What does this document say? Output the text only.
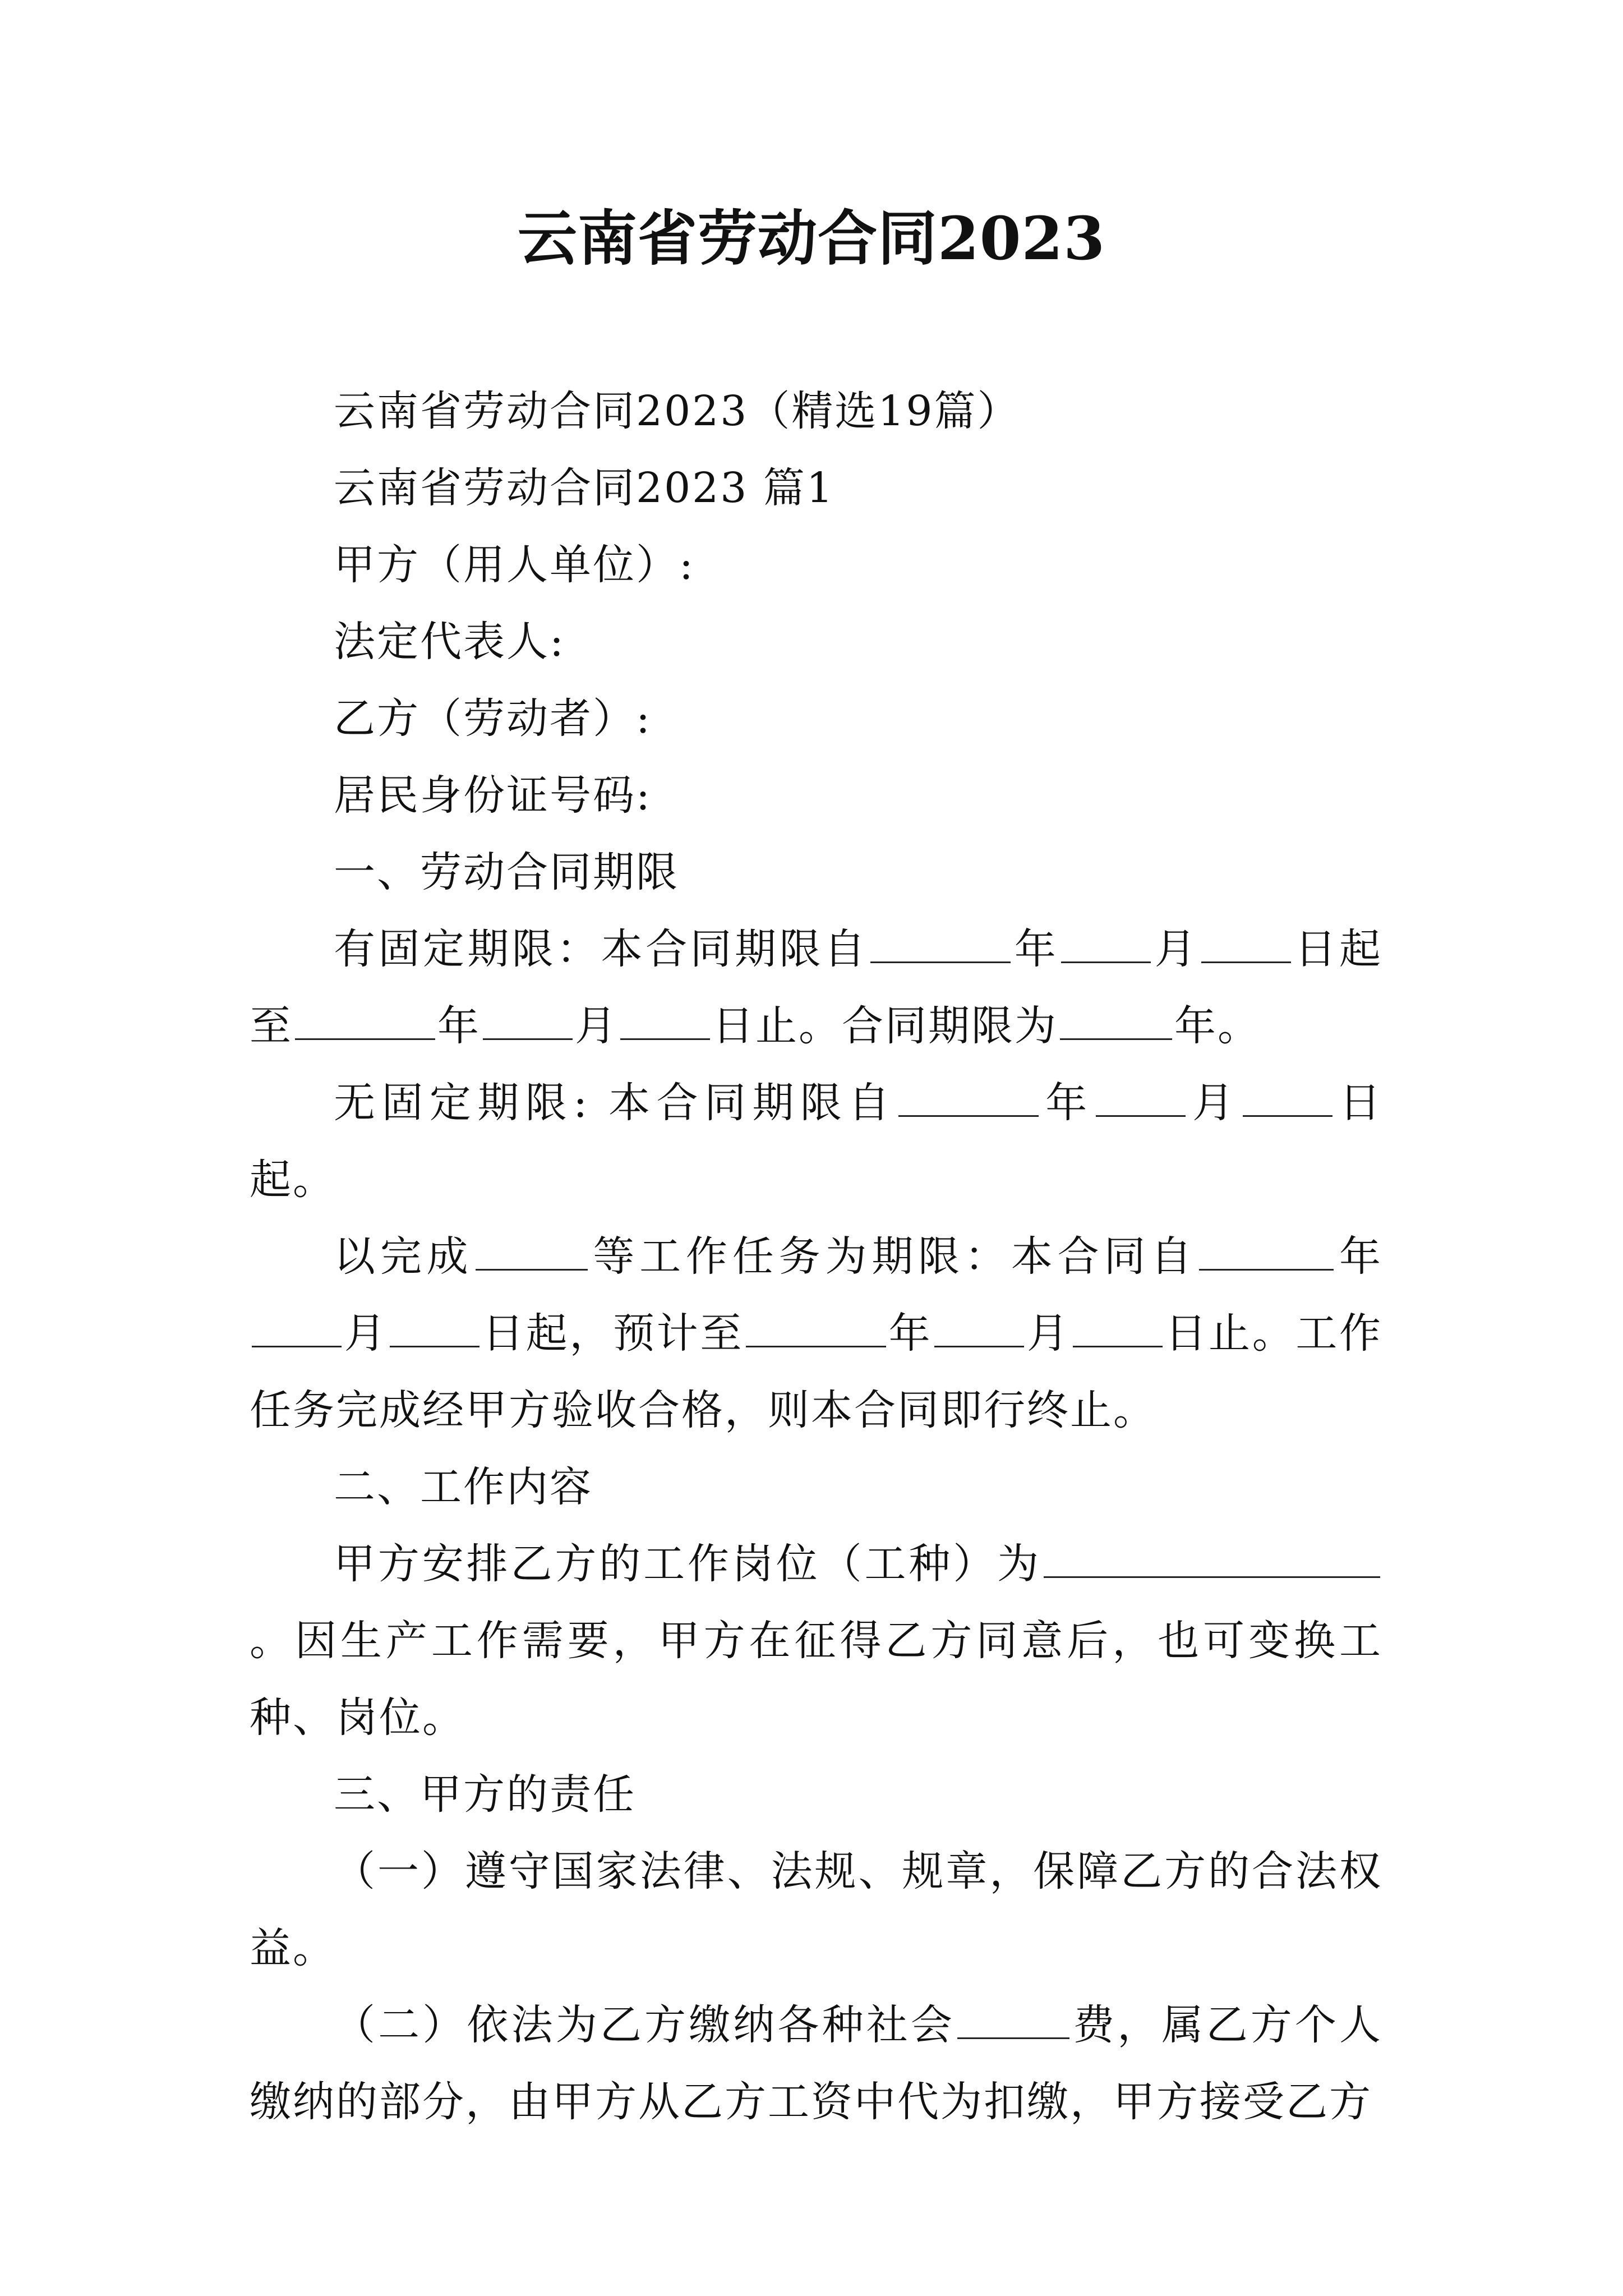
云南省劳动合同2023

云南省劳动合同2023（精选19篇）

云南省劳动合同2023 篇1

甲方（用人单位）:

法定代表人:

乙方（劳动者）:

居民身份证号码:

一、劳动合同期限

有固定期限：本合同期限自	年 月 日起至	年 月 日止。合同期限为	年。

无固定期限: 本合同期限自	年 月 日起。

以完成	等工作任务为期限：本合同自	年月 日起，预计至	年 月 日止。工作任务完成经甲方验收合格，则本合同即行终止。

二、工作内容

甲方安排乙方的工作岗位（工种）为。因生产工作需要，甲方在征得乙方同意后，也可变换工种、岗位。

三、甲方的责任

（一）遵守国家法律、法规、规章，保障乙方的合法权益。

（二）依法为乙方缴纳各种社会	费，属乙方个人缴纳的部分，由甲方从乙方工资中代为扣缴，甲方接受乙方
